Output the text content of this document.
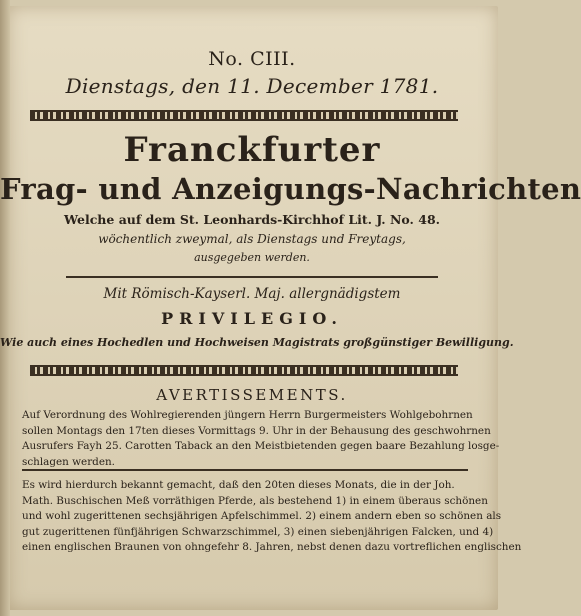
No. CIII.
Dienstags, den 11. December 1781.
Franckfurter
Frag- und Anzeigungs-Nachrichten
Welche auf dem St. Leonhards-Kirchhof Lit. J. No. 48.
wöchentlich zweymal, als Dienstags und Freytags,
ausgegeben werden.
Mit Römisch-Kayserl. Maj. allergnädigstem
PRIVILEGIO.
Wie auch eines Hochedlen und Hochweisen Magistrats großgünstiger Bewilligung.
AVERTISSEMENTS.
Auf Verordnung des Wohlregierenden jüngern Herrn Burgermeisters Wohlgebohrnen
sollen Montags den 17ten dieses Vormittags 9. Uhr in der Behausung des geschwohrnen
Ausrufers Fayh 25. Carotten Taback an den Meistbietenden gegen baare Bezahlung losge-
schlagen werden.
Es wird hierdurch bekannt gemacht, daß den 20ten dieses Monats, die in der Joh.
Math. Buschischen Meß vorräthigen Pferde, als bestehend 1) in einem überaus schönen
und wohl zugerittenen sechsjährigen Apfelschimmel. 2) einem andern eben so schönen als
gut zugerittenen fünfjährigen Schwarzschimmel, 3) einen siebenjährigen Falcken, und 4)
einen englischen Braunen von ohngefehr 8. Jahren, nebst denen dazu vortreflichen englischen
